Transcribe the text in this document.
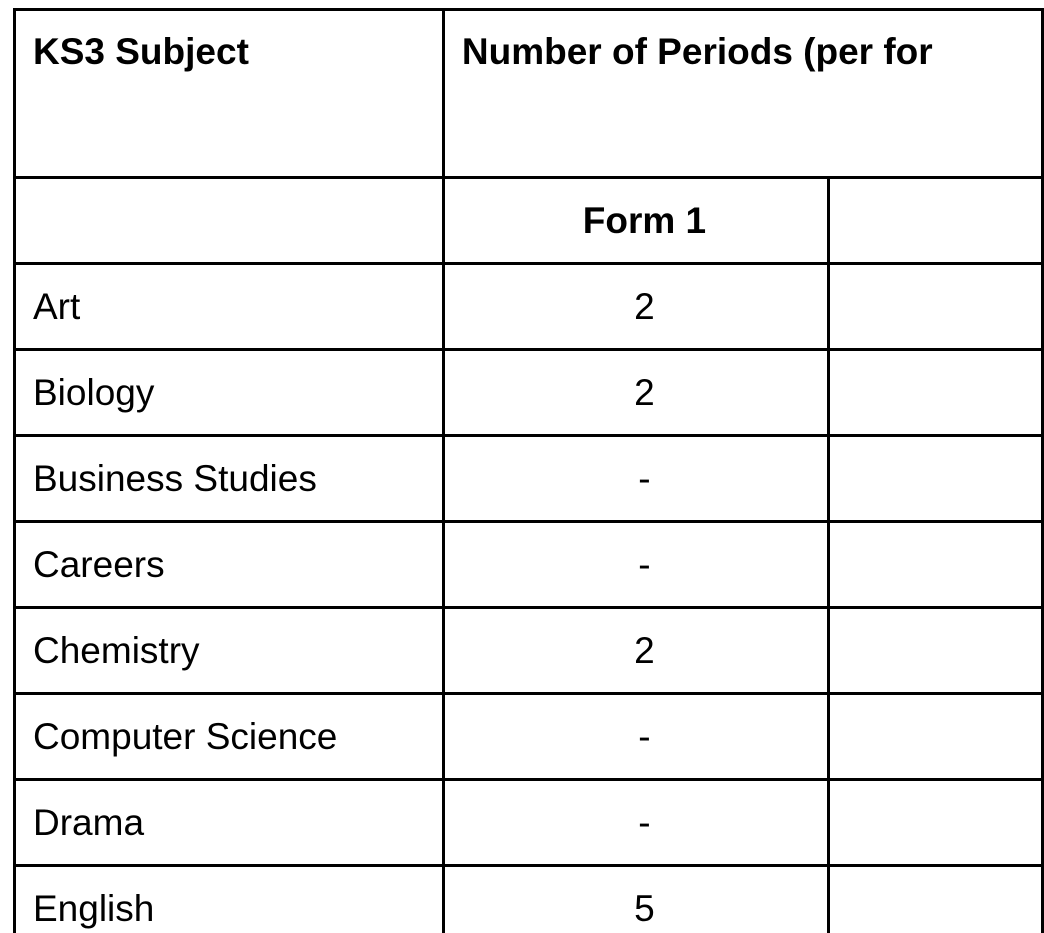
KS3 Subject	Number of Periods (per for	
	Form 1	
Art	2	
Biology	2	
Business Studies	-	
Careers	-	
Chemistry	2	
Computer Science	-	
Drama	-	
English	5	
